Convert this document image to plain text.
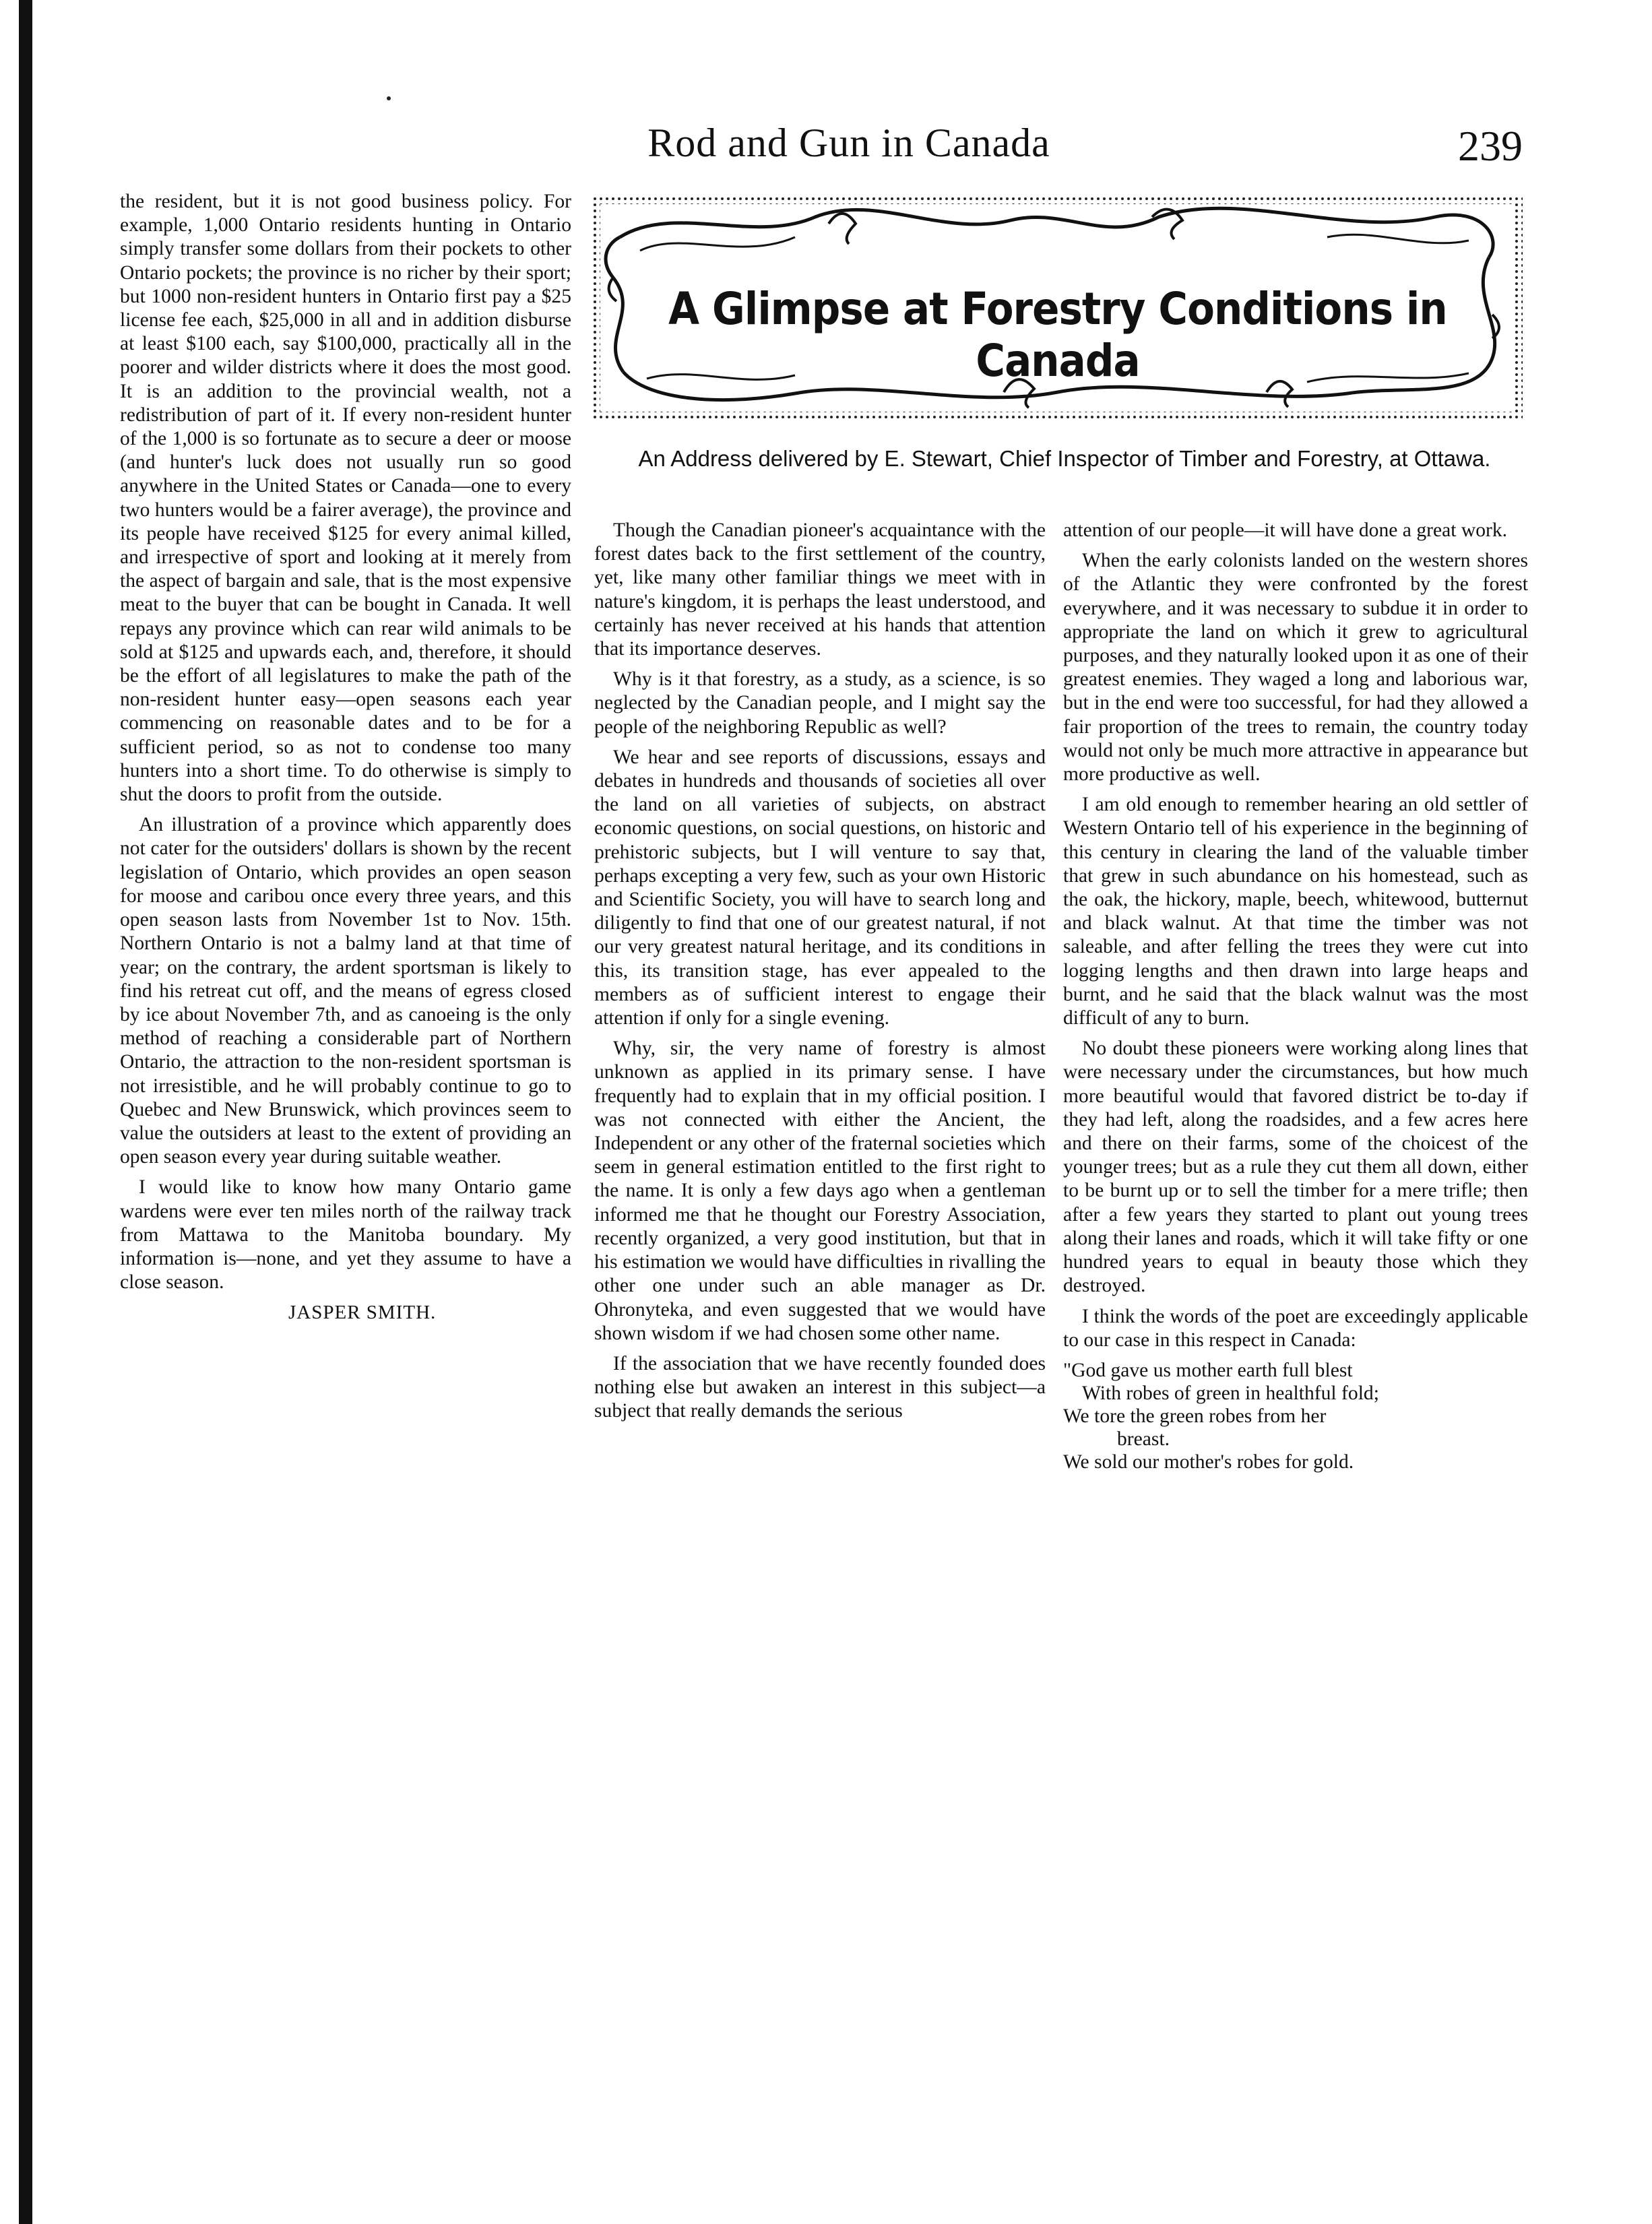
Rod and Gun in Canada	239
A Glimpse at Forestry Conditions in Canada
An Address delivered by E. Stewart, Chief Inspector of Timber and Forestry, at Ottawa.

the resident, but it is not good business policy. For example, 1,000 Ontario residents hunting in Ontario simply transfer some dollars from their pockets to other Ontario pockets; the province is no richer by their sport; but 1000 non-resident hunters in Ontario first pay a $25 license fee each, $25,000 in all and in addition disburse at least $100 each, say $100,000, practically all in the poorer and wilder districts where it does the most good. It is an addition to the provincial wealth, not a redistribution of part of it. If every non-resident hunter of the 1,000 is so fortunate as to secure a deer or moose (and hunter's luck does not usually run so good anywhere in the United States or Canada—one to every two hunters would be a fairer average), the province and its people have received $125 for every animal killed, and irrespective of sport and looking at it merely from the aspect of bargain and sale, that is the most expensive meat to the buyer that can be bought in Canada. It well repays any province which can rear wild animals to be sold at $125 and upwards each, and, therefore, it should be the effort of all legislatures to make the path of the non-resident hunter easy—open seasons each year commencing on reasonable dates and to be for a sufficient period, so as not to condense too many hunters into a short time. To do otherwise is simply to shut the doors to profit from the outside.

An illustration of a province which apparently does not cater for the outsiders' dollars is shown by the recent legislation of Ontario, which provides an open season for moose and caribou once every three years, and this open season lasts from November 1st to Nov. 15th. Northern Ontario is not a balmy land at that time of year; on the contrary, the ardent sportsman is likely to find his retreat cut off, and the means of egress closed by ice about November 7th, and as canoeing is the only method of reaching a considerable part of Northern Ontario, the attraction to the non-resident sportsman is not irresistible, and he will probably continue to go to Quebec and New Brunswick, which provinces seem to value the outsiders at least to the extent of providing an open season every year during suitable weather.

I would like to know how many Ontario game wardens were ever ten miles north of the railway track from Mattawa to the Manitoba boundary. My information is—none, and yet they assume to have a close season.

JASPER SMITH.

Though the Canadian pioneer's acquaintance with the forest dates back to the first settlement of the country, yet, like many other familiar things we meet with in nature's kingdom, it is perhaps the least understood, and certainly has never received at his hands that attention that its importance deserves.

Why is it that forestry, as a study, as a science, is so neglected by the Canadian people, and I might say the people of the neighboring Republic as well?

We hear and see reports of discussions, essays and debates in hundreds and thousands of societies all over the land on all varieties of subjects, on abstract economic questions, on social questions, on historic and prehistoric subjects, but I will venture to say that, perhaps excepting a very few, such as your own Historic and Scientific Society, you will have to search long and diligently to find that one of our greatest natural, if not our very greatest natural heritage, and its conditions in this, its transition stage, has ever appealed to the members as of sufficient interest to engage their attention if only for a single evening.

Why, sir, the very name of forestry is almost unknown as applied in its primary sense. I have frequently had to explain that in my official position. I was not connected with either the Ancient, the Independent or any other of the fraternal societies which seem in general estimation entitled to the first right to the name. It is only a few days ago when a gentleman informed me that he thought our Forestry Association, recently organized, a very good institution, but that in his estimation we would have difficulties in rivalling the other one under such an able manager as Dr. Ohronyteka, and even suggested that we would have shown wisdom if we had chosen some other name.

If the association that we have recently founded does nothing else but awaken an interest in this subject—a subject that really demands the serious

attention of our people—it will have done a great work.

When the early colonists landed on the western shores of the Atlantic they were confronted by the forest everywhere, and it was necessary to subdue it in order to appropriate the land on which it grew to agricultural purposes, and they naturally looked upon it as one of their greatest enemies. They waged a long and laborious war, but in the end were too successful, for had they allowed a fair proportion of the trees to remain, the country today would not only be much more attractive in appearance but more productive as well.

I am old enough to remember hearing an old settler of Western Ontario tell of his experience in the beginning of this century in clearing the land of the valuable timber that grew in such abundance on his homestead, such as the oak, the hickory, maple, beech, whitewood, butternut and black walnut. At that time the timber was not saleable, and after felling the trees they were cut into logging lengths and then drawn into large heaps and burnt, and he said that the black walnut was the most difficult of any to burn.

No doubt these pioneers were working along lines that were necessary under the circumstances, but how much more beautiful would that favored district be to-day if they had left, along the roadsides, and a few acres here and there on their farms, some of the choicest of the younger trees; but as a rule they cut them all down, either to be burnt up or to sell the timber for a mere trifle; then after a few years they started to plant out young trees along their lanes and roads, which it will take fifty or one hundred years to equal in beauty those which they destroyed.

I think the words of the poet are exceedingly applicable to our case in this respect in Canada:

"God gave us mother earth full blest
With robes of green in healthful fold;
We tore the green robes from her
breast.
We sold our mother's robes for gold.
